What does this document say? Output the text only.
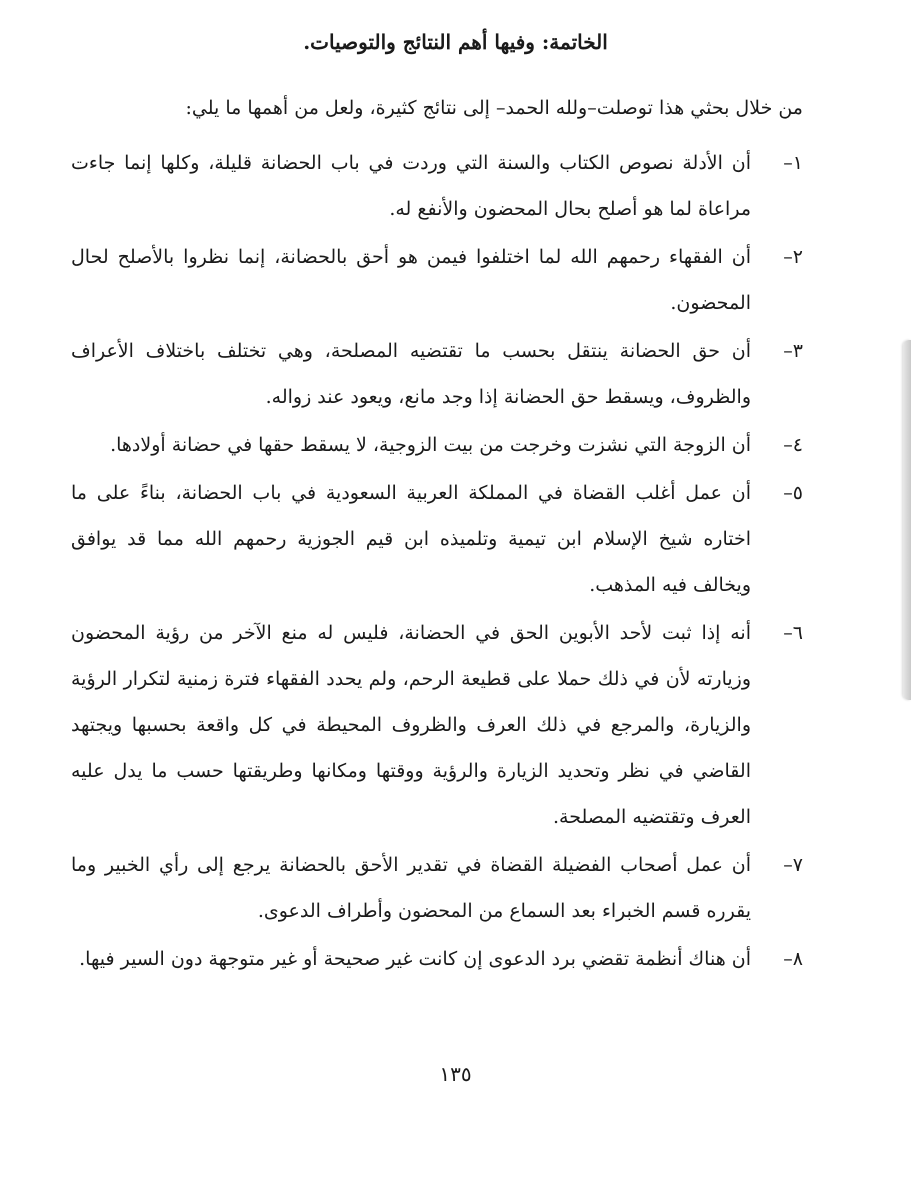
الخاتمة: وفيها أهم النتائج والتوصيات.
من خلال بحثي هذا توصلت–ولله الحمد– إلى نتائج كثيرة، ولعل من أهمها ما يلي:
١–
أن الأدلة نصوص الكتاب والسنة التي وردت في باب الحضانة قليلة، وكلها إنما جاءت مراعاة لما هو أصلح بحال المحضون والأنفع له.
٢–
أن الفقهاء رحمهم الله لما اختلفوا فيمن هو أحق بالحضانة، إنما نظروا بالأصلح لحال المحضون.
٣–
أن حق الحضانة ينتقل بحسب ما تقتضيه المصلحة، وهي تختلف باختلاف الأعراف والظروف، ويسقط حق الحضانة إذا وجد مانع، ويعود عند زواله.
٤–
أن الزوجة التي نشزت وخرجت من بيت الزوجية، لا يسقط حقها في حضانة أولادها.
٥–
أن عمل أغلب القضاة في المملكة العربية السعودية في باب الحضانة، بناءً على ما اختاره شيخ الإسلام ابن تيمية وتلميذه ابن قيم الجوزية رحمهم الله مما قد يوافق ويخالف فيه المذهب.
٦–
أنه إذا ثبت لأحد الأبوين الحق في الحضانة، فليس له منع الآخر من رؤية المحضون وزيارته لأن في ذلك حملا على قطيعة الرحم، ولم يحدد الفقهاء فترة زمنية لتكرار الرؤية والزيارة، والمرجع في ذلك العرف والظروف المحيطة في كل واقعة بحسبها ويجتهد القاضي في نظر وتحديد الزيارة والرؤية ووقتها ومكانها وطريقتها حسب ما يدل عليه العرف وتقتضيه المصلحة.
٧–
أن عمل أصحاب الفضيلة القضاة في تقدير الأحق بالحضانة يرجع إلى رأي الخبير وما يقرره قسم الخبراء بعد السماع من المحضون وأطراف الدعوى.
٨–
أن هناك أنظمة تقضي برد الدعوى إن كانت غير صحيحة أو غير متوجهة دون السير فيها.
١٣٥
